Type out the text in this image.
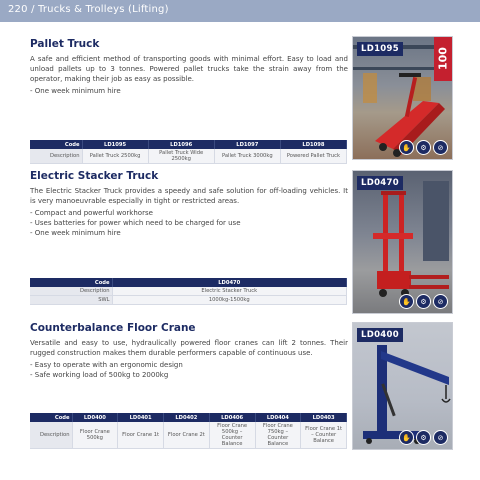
220 / Trucks & Trolleys (Lifting)
Pallet Truck

A safe and efficient method of transporting goods with minimal effort. Easy to load and unload pallets up to 3 tonnes. Powered pallet trucks take the strain away from the operator, making their job as easy as possible.

- One week minimum hire
Code	LD1095	LD1096	LD1097	LD1098
Description	Pallet Truck 2500kg	Pallet Truck Wide 2500kg	Pallet Truck 3000kg	Powered Pallet Truck
LD1095	100
✋	⚙	⊘
Electric Stacker Truck

The Electric Stacker Truck provides a speedy and safe solution for off-loading vehicles. It is very manoeuvrable especially in tight or restricted areas.

- Compact and powerful workhorse
- Uses batteries for power which need to be charged for use
- One week minimum hire
Code	LD0470
Description	Electric Stacker Truck
SWL	1000kg-1500kg
LD0470
✋	⚙	⊘
Counterbalance Floor Crane

Versatile and easy to use, hydraulically powered floor cranes can lift 2 tonnes. Their rugged construction makes them durable performers capable of continuous use.

- Easy to operate with an ergonomic design
- Safe working load of 500kg to 2000kg
Code	LD0400	LD0401	LD0402	LD0406	LD0404	LD0403
Description	Floor Crane 500kg	Floor Crane 1t	Floor Crane 2t	Floor Crane 500kg – Counter Balance	Floor Crane 750kg – Counter Balance	Floor Crane 1t – Counter Balance
LD0400
✋	⚙	⊘
